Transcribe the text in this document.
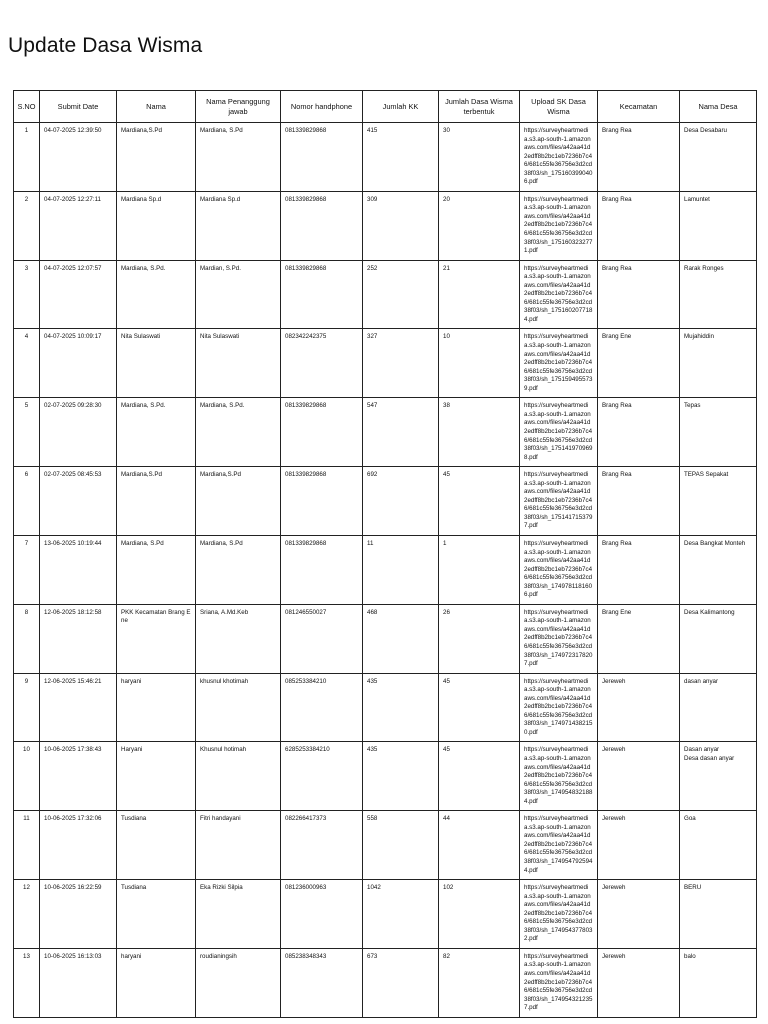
Update Dasa Wisma
S.NO	Submit Date	Nama	Nama Penanggung jawab	Nomor handphone	Jumlah KK	Jumlah Dasa Wisma terbentuk	Upload SK Dasa Wisma	Kecamatan	Nama Desa
1	04-07-2025 12:39:50	Mardiana,S.Pd	Mardiana, S.Pd	081339829868	415	30	https://surveyheartmedia.s3.ap-south-1.amazonaws.com/files/a42aa41d2edff8b2bc1eb7236b7c46/681c55fe36756e3d2cd38f03/sh_1751603990406.pdf	Brang Rea	Desa Desabaru

2	04-07-2025 12:27:11	Mardiana Sp.d	Mardiana Sp.d	081339829868	309	20	https://surveyheartmedia.s3.ap-south-1.amazonaws.com/files/a42aa41d2edff8b2bc1eb7236b7c46/681c55fe36756e3d2cd38f03/sh_1751603232771.pdf	Brang Rea	Lamuntet

3	04-07-2025 12:07:57	Mardiana, S.Pd.	Mardian, S.Pd.	081339829868	252	21	https://surveyheartmedia.s3.ap-south-1.amazonaws.com/files/a42aa41d2edff8b2bc1eb7236b7c46/681c55fe36756e3d2cd38f03/sh_1751602077184.pdf	Brang Rea	Rarak Ronges

4	04-07-2025 10:09:17	Nita Sulaswati	Nita Sulaswati	082342242375	327	10	https://surveyheartmedia.s3.ap-south-1.amazonaws.com/files/a42aa41d2edff8b2bc1eb7236b7c46/681c55fe36756e3d2cd38f03/sh_1751594955739.pdf	Brang Ene	Mujahiddin

5	02-07-2025 09:28:30	Mardiana, S.Pd.	Mardiana, S.Pd.	081339829868	547	38	https://surveyheartmedia.s3.ap-south-1.amazonaws.com/files/a42aa41d2edff8b2bc1eb7236b7c46/681c55fe36756e3d2cd38f03/sh_1751419709698.pdf	Brang Rea	Tepas

6	02-07-2025 08:45:53	Mardiana,S.Pd	Mardiana,S.Pd	081339829868	692	45	https://surveyheartmedia.s3.ap-south-1.amazonaws.com/files/a42aa41d2edff8b2bc1eb7236b7c46/681c55fe36756e3d2cd38f03/sh_1751417153797.pdf	Brang Rea	TEPAS Sepakat

7	13-06-2025 10:19:44	Mardiana, S.Pd	Mardiana, S.Pd	081339829868	11	1	https://surveyheartmedia.s3.ap-south-1.amazonaws.com/files/a42aa41d2edff8b2bc1eb7236b7c46/681c55fe36756e3d2cd38f03/sh_1749781181606.pdf	Brang Rea	Desa Bangkat Monteh

8	12-06-2025 18:12:58	PKK Kecamatan Brang Ene	Sriana, A.Md.Keb	081246550027	468	26	https://surveyheartmedia.s3.ap-south-1.amazonaws.com/files/a42aa41d2edff8b2bc1eb7236b7c46/681c55fe36756e3d2cd38f03/sh_1749723178207.pdf	Brang Ene	Desa Kalimantong

9	12-06-2025 15:46:21	haryani	khusnul khotimah	085253384210	435	45	https://surveyheartmedia.s3.ap-south-1.amazonaws.com/files/a42aa41d2edff8b2bc1eb7236b7c46/681c55fe36756e3d2cd38f03/sh_1749714382150.pdf	Jereweh	dasan anyar

10	10-06-2025 17:38:43	Haryani	Khusnul hotimah	6285253384210	435	45	https://surveyheartmedia.s3.ap-south-1.amazonaws.com/files/a42aa41d2edff8b2bc1eb7236b7c46/681c55fe36756e3d2cd38f03/sh_1749548321884.pdf	Jereweh	Dasan anyar
Desa dasan anyar

11	10-06-2025 17:32:06	Tusdiana	Fitri handayani	082266417373	558	44	https://surveyheartmedia.s3.ap-south-1.amazonaws.com/files/a42aa41d2edff8b2bc1eb7236b7c46/681c55fe36756e3d2cd38f03/sh_1749547925944.pdf	Jereweh	Goa

12	10-06-2025 16:22:59	Tusdiana	Eka Rizki Silpia	081236000963	1042	102	https://surveyheartmedia.s3.ap-south-1.amazonaws.com/files/a42aa41d2edff8b2bc1eb7236b7c46/681c55fe36756e3d2cd38f03/sh_1749543778032.pdf	Jereweh	BERU

13	10-06-2025 16:13:03	haryani	roudianingsih	085238348343	673	82	https://surveyheartmedia.s3.ap-south-1.amazonaws.com/files/a42aa41d2edff8b2bc1eb7236b7c46/681c55fe36756e3d2cd38f03/sh_1749543212357.pdf	Jereweh	balo
